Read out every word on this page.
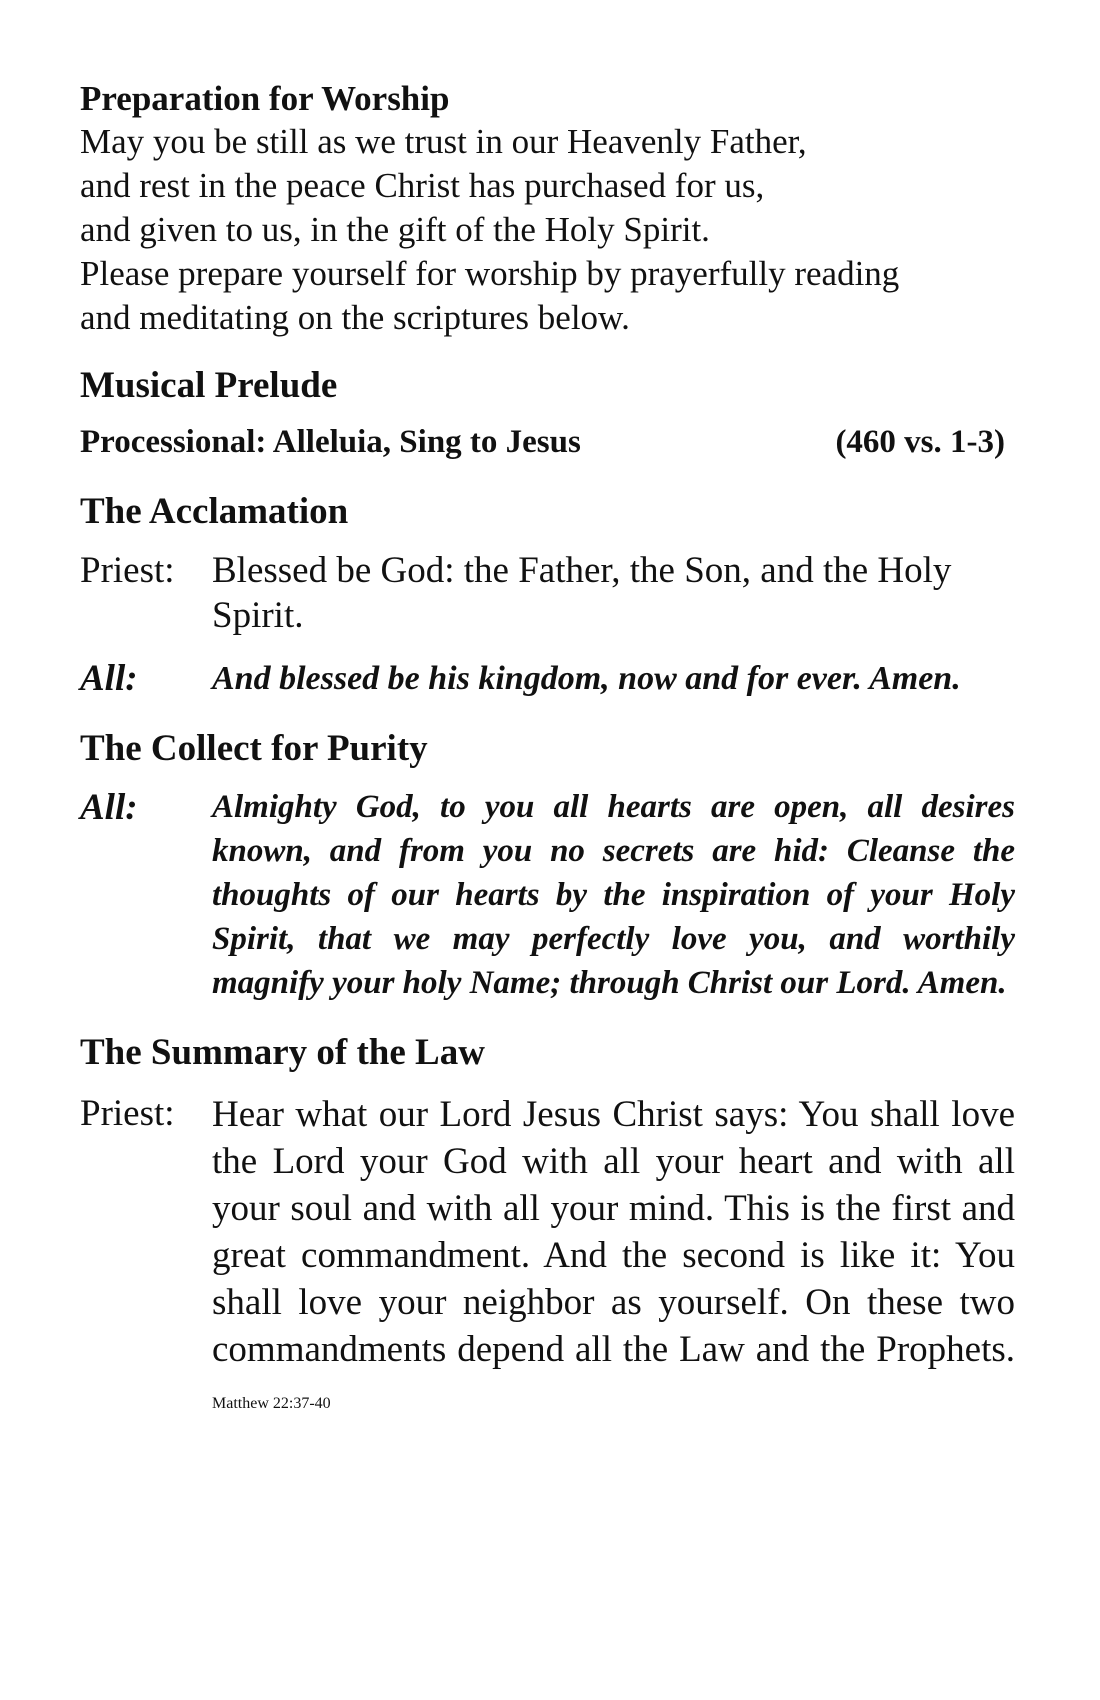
Preparation for Worship
May you be still as we trust in our Heavenly Father,
and rest in the peace Christ has purchased for us,
and given to us, in the gift of the Holy Spirit.
Please prepare yourself for worship by prayerfully reading
and meditating on the scriptures below.
Musical Prelude
Processional: Alleluia, Sing to Jesus	(460 vs. 1-3)
The Acclamation
Priest:	Blessed be God: the Father, the Son, and the Holy Spirit.
All:	And blessed be his kingdom, now and for ever. Amen.
The Collect for Purity
All:	Almighty God, to you all hearts are open, all desires known, and from you no secrets are hid: Cleanse the thoughts of our hearts by the inspiration of your Holy Spirit, that we may perfectly love you, and worthily magnify your holy Name; through Christ our Lord. Amen.
The Summary of the Law
Priest:	Hear what our Lord Jesus Christ says: You shall love the Lord your God with all your heart and with all your soul and with all your mind. This is the first and great commandment. And the second is like it: You shall love your neighbor as yourself. On these two commandments depend all the Law and the Prophets. Matthew 22:37-40
